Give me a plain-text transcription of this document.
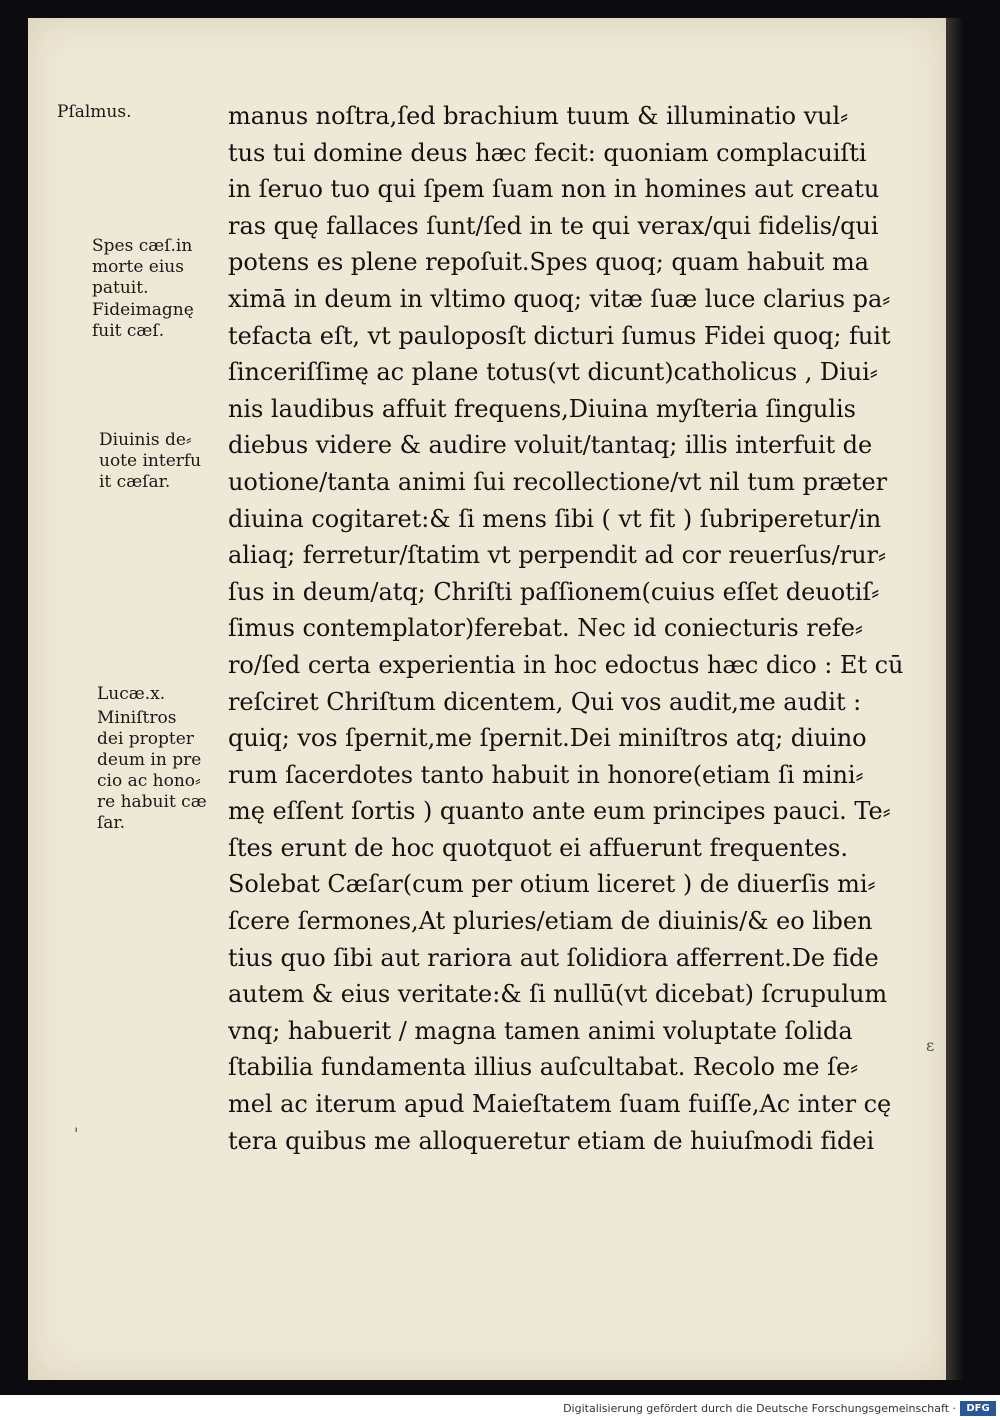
Pſalmus.

Spes cæſ.in
morte eius
patuit.

Fideimagnę
fuit cæſ.

Diuinis de⸗
uote interfu
it cæſar.

Lucæ.x.

Miniſtros
dei propter
deum in pre
cio ac hono⸗
re habuit cæ
ſar.

manus noſtra,ſed brachium tuum & illuminatio vul⸗
tus tui domine deus hæc fecit: quoniam complacuiſti
in ſeruo tuo qui ſpem ſuam non in homines aut creatu
ras quę fallaces ſunt/ſed in te qui verax/qui fidelis/qui
potens es plene repoſuit.Spes quoq; quam habuit ma
ximā in deum in vltimo quoq; vitæ ſuæ luce clarius pa⸗
tefacta eſt, vt pauloposſt dicturi ſumus Fidei quoq; fuit
ſinceriſſimę ac plane totus(vt dicunt)catholicus , Diui⸗
nis laudibus affuit frequens,Diuina myſteria ſingulis
diebus videre & audire voluit/tantaq; illis interfuit de
uotione/tanta animi ſui recollectione/vt nil tum præter
diuina cogitaret:& ſi mens ſibi ( vt fit ) ſubriperetur/in
aliaq; ferretur/ſtatim vt perpendit ad cor reuerſus/rur⸗
ſus in deum/atq; Chriſti paſſionem(cuius eſſet deuotiſ⸗
ſimus contemplator)ferebat. Nec id coniecturis refe⸗
ro/ſed certa experientia in hoc edoctus hæc dico : Et cū
reſciret Chriſtum dicentem, Qui vos audit,me audit :
quiq; vos ſpernit,me ſpernit.Dei miniſtros atq; diuino
rum ſacerdotes tanto habuit in honore(etiam ſi mini⸗
mę eſſent ſortis ) quanto ante eum principes pauci. Te⸗
ſtes erunt de hoc quotquot ei affuerunt frequentes.
Solebat Cæſar(cum per otium liceret ) de diuerſis mi⸗
ſcere ſermones,At pluries/etiam de diuinis/& eo liben
tius quo ſibi aut rariora aut ſolidiora afferrent.De fide
autem & eius veritate:& ſi nullū(vt dicebat) ſcrupulum
vnq; habuerit / magna tamen animi voluptate ſolida
ſtabilia fundamenta illius auſcultabat. Recolo me ſe⸗
mel ac iterum apud Maieſtatem ſuam fuiſſe,Ac inter cę
tera quibus me alloqueretur etiam de huiuſmodi fidei
ɛ
'
Digitalisierung gefördert durch die Deutsche Forschungsgemeinschaft ·	DFG
